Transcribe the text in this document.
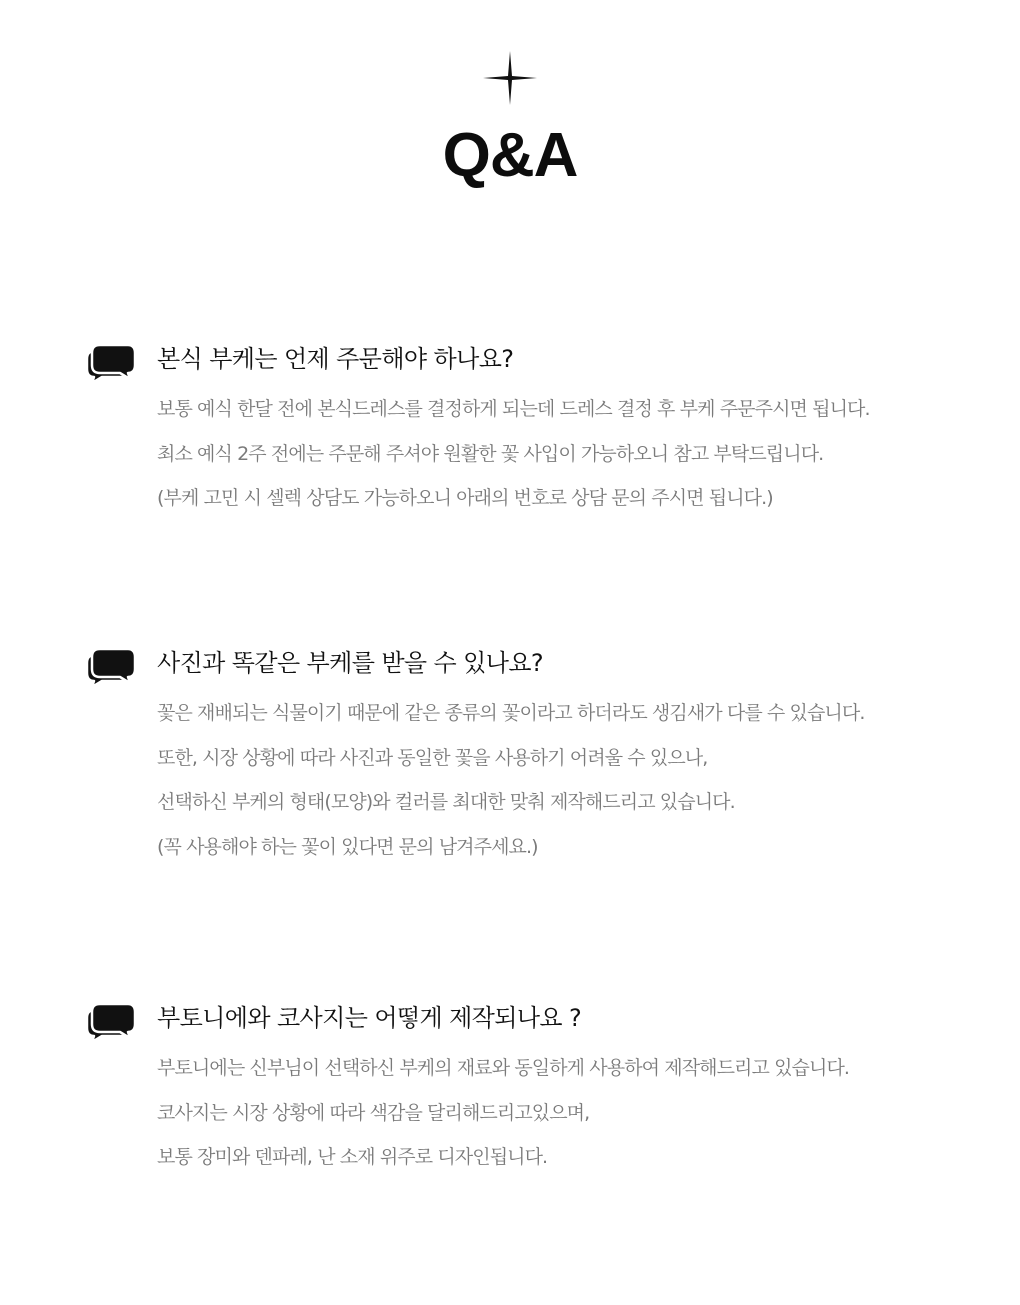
Q&A
본식 부케는 언제 주문해야 하나요?
보통 예식 한달 전에 본식드레스를 결정하게 되는데 드레스 결정 후 부케 주문주시면 됩니다.
최소 예식 2주 전에는 주문해 주셔야 원활한 꽃 사입이 가능하오니 참고 부탁드립니다.
(부케 고민 시 셀렉 상담도 가능하오니 아래의 번호로 상담 문의 주시면 됩니다.)
사진과 똑같은 부케를 받을 수 있나요?
꽃은 재배되는 식물이기 때문에 같은 종류의 꽃이라고 하더라도 생김새가 다를 수 있습니다.
또한, 시장 상황에 따라 사진과 동일한 꽃을 사용하기 어려울 수 있으나,
선택하신 부케의 형태(모양)와 컬러를 최대한 맞춰 제작해드리고 있습니다.
(꼭 사용해야 하는 꽃이 있다면 문의 남겨주세요.)
부토니에와 코사지는 어떻게 제작되나요 ?
부토니에는 신부님이 선택하신 부케의 재료와 동일하게 사용하여 제작해드리고 있습니다.
코사지는 시장 상황에 따라 색감을 달리해드리고있으며,
보통 장미와 덴파레, 난 소재 위주로 디자인됩니다.
